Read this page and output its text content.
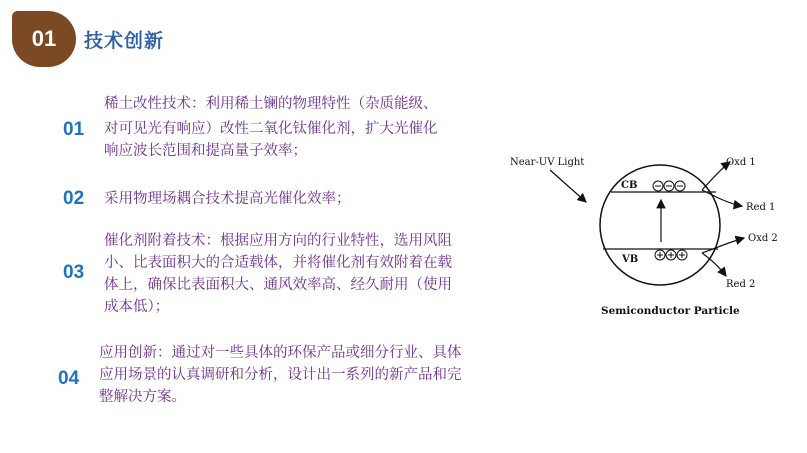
01	技术创新
01
稀土改性技术：利用稀土镧的物理特性（杂质能级、
对可见光有响应）改性二氧化钛催化剂，扩大光催化
响应波长范围和提高量子效率；
02 采用物理场耦合技术提高光催化效率；
03
催化剂附着技术：根据应用方向的行业特性，选用风阻
小、比表面积大的合适载体，并将催化剂有效附着在载
体上，确保比表面积大、通风效率高、经久耐用（使用
成本低）；
04
应用创新：通过对一些具体的环保产品或细分行业、具体
应用场景的认真调研和分析，设计出一系列的新产品和完
整解决方案。
CB
VB
Near-UV Light	Oxd 1
Red 1
Oxd 2
Red 2
Semiconductor Particle
